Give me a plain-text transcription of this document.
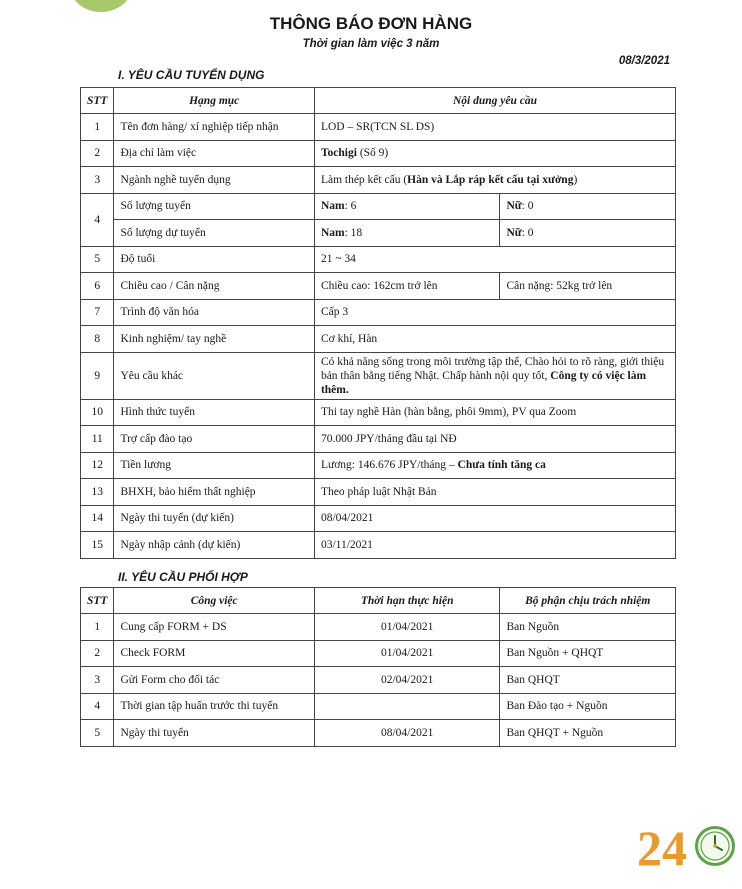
THÔNG BÁO ĐƠN HÀNG
Thời gian làm việc 3 năm
08/3/2021
I. YÊU CẦU TUYỂN DỤNG
STT	Hạng mục	Nội dung yêu cầu	
1	Tên đơn hàng/ xí nghiệp tiếp nhận	LOD – SR(TCN SL DS)	
2	Địa chỉ làm việc	Tochigi (Số 9)	
3	Ngành nghề tuyển dụng	Làm thép kết cấu (Hàn và Lắp ráp kết cấu tại xưởng)	
4	Số lượng tuyển	Nam: 6	Nữ: 0
	Số lượng dự tuyển	Nam: 18	Nữ: 0
5	Độ tuổi	21 ~ 34	
6	Chiều cao / Cân nặng	Chiều cao: 162cm trở lên	Cân nặng: 52kg trở lên
7	Trình độ văn hóa	Cấp 3	
8	Kinh nghiệm/ tay nghề	Cơ khí, Hàn	
9	Yêu cầu khác	Có khả năng sống trong môi trường tập thể, Chào hỏi to rõ ràng, giới thiệu bản thân bằng tiếng Nhật. Chấp hành nội quy tốt, Công ty có việc làm thêm.	
10	Hình thức tuyển	Thi tay nghề Hàn (hàn bằng, phôi 9mm), PV qua Zoom	
11	Trợ cấp đào tạo	70.000 JPY/tháng đầu tại NĐ	
12	Tiền lương	Lương: 146.676 JPY/tháng – Chưa tính tăng ca	
13	BHXH, bảo hiểm thất nghiệp	Theo pháp luật Nhật Bản	
14	Ngày thi tuyển (dự kiến)	08/04/2021	
15	Ngày nhập cảnh (dự kiến)	03/11/2021	
II. YÊU CẦU PHỐI HỢP
STT	Công việc	Thời hạn thực hiện	Bộ phận chịu trách nhiệm
1	Cung cấp FORM + DS	01/04/2021	Ban Nguồn
2	Check FORM	01/04/2021	Ban Nguồn + QHQT
3	Gửi Form cho đối tác	02/04/2021	Ban QHQT
4	Thời gian tập huấn trước thi tuyển		Ban Đào tạo + Nguồn
5	Ngày thi tuyển	08/04/2021	Ban QHQT + Nguồn
24
